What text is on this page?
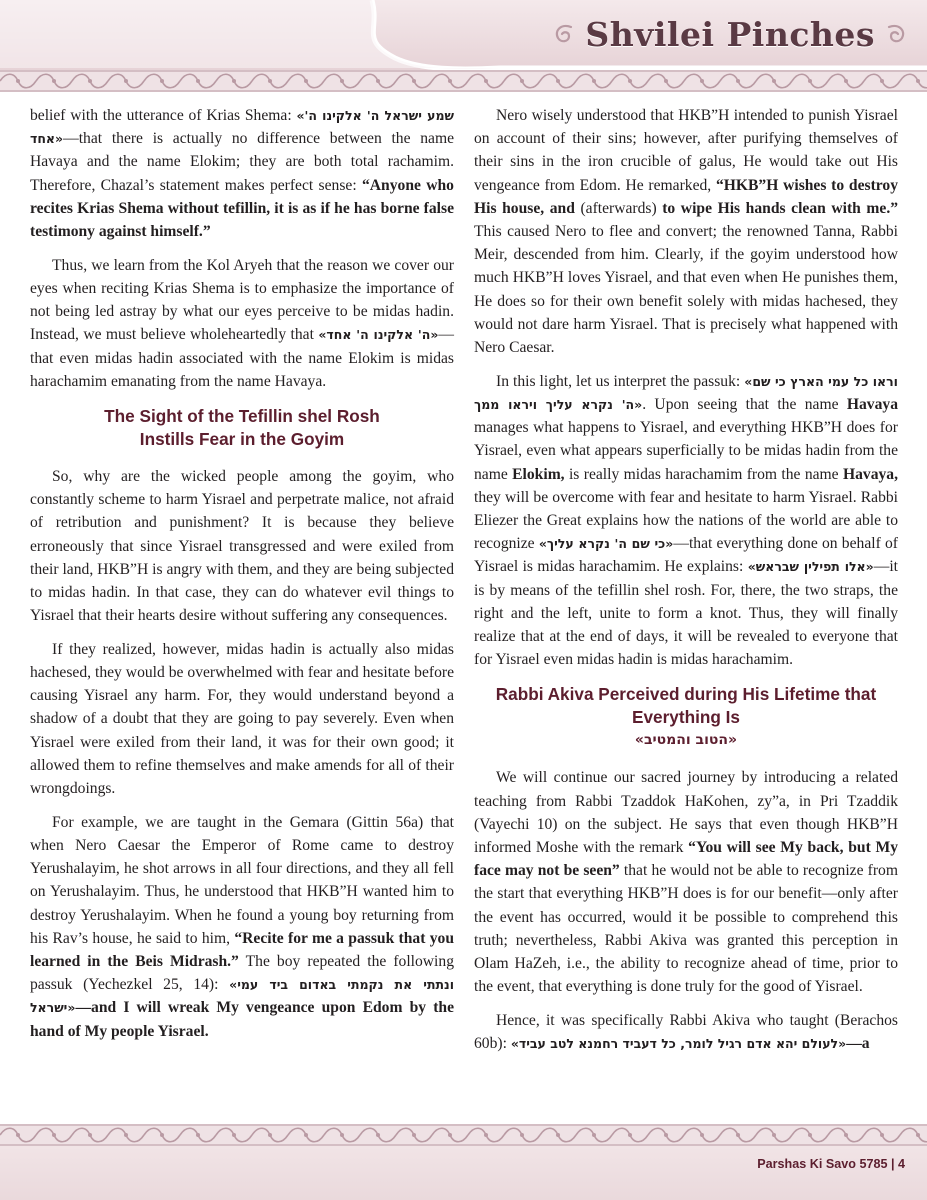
Shvilei Pinches

belief with the utterance of Krias Shema: «שמע ישראל ה' אלקינו ה' אחד»—that there is actually no difference between the name Havaya and the name Elokim; they are both total rachamim. Therefore, Chazal’s statement makes perfect sense: “Anyone who recites Krias Shema without tefillin, it is as if he has borne false testimony against himself.”

Thus, we learn from the Kol Aryeh that the reason we cover our eyes when reciting Krias Shema is to emphasize the importance of not being led astray by what our eyes perceive to be midas hadin. Instead, we must believe wholeheartedly that «ה' אלקינו ה' אחד»—that even midas hadin associated with the name Elokim is midas harachamim emanating from the name Havaya.

The Sight of the Tefillin shel Rosh
Instills Fear in the Goyim

So, why are the wicked people among the goyim, who constantly scheme to harm Yisrael and perpetrate malice, not afraid of retribution and punishment? It is because they believe erroneously that since Yisrael transgressed and were exiled from their land, HKB”H is angry with them, and they are being subjected to midas hadin. In that case, they can do whatever evil things to Yisrael that their hearts desire without suffering any consequences.

If they realized, however, midas hadin is actually also midas hachesed, they would be overwhelmed with fear and hesitate before causing Yisrael any harm. For, they would understand beyond a shadow of a doubt that they are going to pay severely. Even when Yisrael were exiled from their land, it was for their own good; it allowed them to refine themselves and make amends for all of their wrongdoings.

For example, we are taught in the Gemara (Gittin 56a) that when Nero Caesar the Emperor of Rome came to destroy Yerushalayim, he shot arrows in all four directions, and they all fell on Yerushalayim. Thus, he understood that HKB”H wanted him to destroy Yerushalayim. When he found a young boy returning from his Rav’s house, he said to him, “Recite for me a passuk that you learned in the Beis Midrash.” The boy repeated the following passuk (Yechezkel 25, 14): «ונתתי את נקמתי באדום ביד עמי ישראל»—and I will wreak My vengeance upon Edom by the hand of My people Yisrael.

Nero wisely understood that HKB”H intended to punish Yisrael on account of their sins; however, after purifying themselves of their sins in the iron crucible of galus, He would take out His vengeance from Edom. He remarked, “HKB”H wishes to destroy His house, and (afterwards) to wipe His hands clean with me.” This caused Nero to flee and convert; the renowned Tanna, Rabbi Meir, descended from him. Clearly, if the goyim understood how much HKB”H loves Yisrael, and that even when He punishes them, He does so for their own benefit solely with midas hachesed, they would not dare harm Yisrael. That is precisely what happened with Nero Caesar.

In this light, let us interpret the passuk: «וראו כל עמי הארץ כי שם ה' נקרא עליך ויראו ממך». Upon seeing that the name Havaya manages what happens to Yisrael, and everything HKB”H does for Yisrael, even what appears superficially to be midas hadin from the name Elokim, is really midas harachamim from the name Havaya, they will be overcome with fear and hesitate to harm Yisrael. Rabbi Eliezer the Great explains how the nations of the world are able to recognize «כי שם ה' נקרא עליך»—that everything done on behalf of Yisrael is midas harachamim. He explains: «אלו תפילין שבראש»—it is by means of the tefillin shel rosh. For, there, the two straps, the right and the left, unite to form a knot. Thus, they will finally realize that at the end of days, it will be revealed to everyone that for Yisrael even midas hadin is midas harachamim.

Rabbi Akiva Perceived during His Lifetime that
Everything Is
«הטוב והמטיב»

We will continue our sacred journey by introducing a related teaching from Rabbi Tzaddok HaKohen, zy”a, in Pri Tzaddik (Vayechi 10) on the subject. He says that even though HKB”H informed Moshe with the remark “You will see My back, but My face may not be seen” that he would not be able to recognize from the start that everything HKB”H does is for our benefit—only after the event has occurred, would it be possible to comprehend this truth; nevertheless, Rabbi Akiva was granted this perception in Olam HaZeh, i.e., the ability to recognize ahead of time, prior to the event, that everything is done truly for the good of Yisrael.

Hence, it was specifically Rabbi Akiva who taught (Berachos 60b): «לעולם יהא אדם רגיל לומר, כל דעביד רחמנא לטב עביד»—a

Parshas Ki Savo 5785 | 4
